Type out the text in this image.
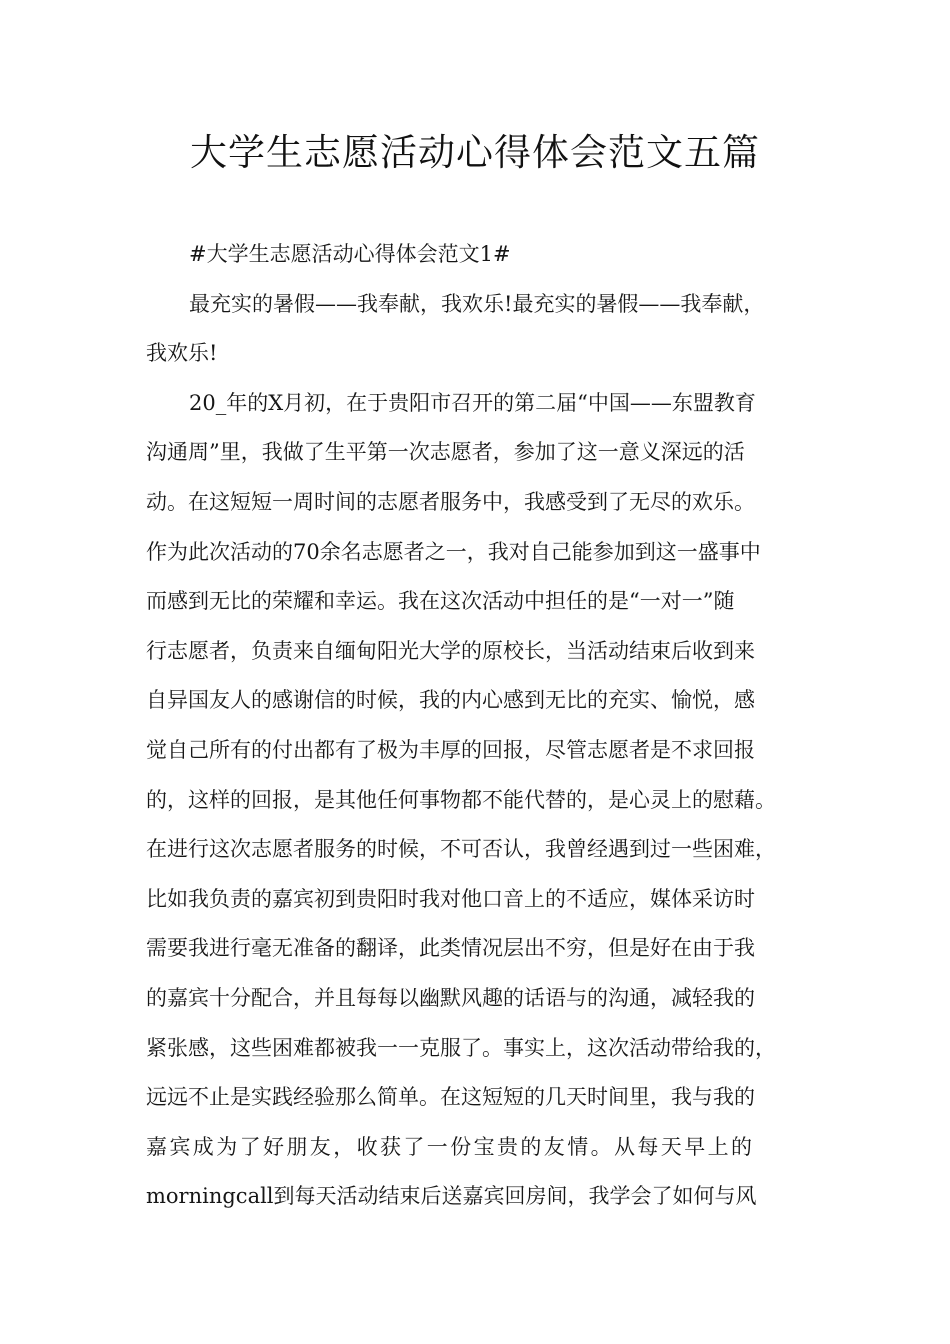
大学生志愿活动心得体会范文五篇
#大学生志愿活动心得体会范文1#
最充实的暑假——我奉献，我欢乐!最充实的暑假——我奉献，
我欢乐!
20_年的X月初，在于贵阳市召开的第二届“中国——东盟教育
沟通周”里，我做了生平第一次志愿者，参加了这一意义深远的活
动。在这短短一周时间的志愿者服务中，我感受到了无尽的欢乐。
作为此次活动的70余名志愿者之一，我对自己能参加到这一盛事中
而感到无比的荣耀和幸运。我在这次活动中担任的是“一对一”随
行志愿者，负责来自缅甸阳光大学的原校长，当活动结束后收到来
自异国友人的感谢信的时候，我的内心感到无比的充实、愉悦，感
觉自己所有的付出都有了极为丰厚的回报，尽管志愿者是不求回报
的，这样的回报，是其他任何事物都不能代替的，是心灵上的慰藉。
在进行这次志愿者服务的时候，不可否认，我曾经遇到过一些困难，
比如我负责的嘉宾初到贵阳时我对他口音上的不适应，媒体采访时
需要我进行毫无准备的翻译，此类情况层出不穷，但是好在由于我
的嘉宾十分配合，并且每每以幽默风趣的话语与的沟通，减轻我的
紧张感，这些困难都被我一一克服了。事实上，这次活动带给我的，
远远不止是实践经验那么简单。在这短短的几天时间里，我与我的
嘉宾成为了好朋友，收获了一份宝贵的友情。从每天早上的
morningcall到每天活动结束后送嘉宾回房间，我学会了如何与风
